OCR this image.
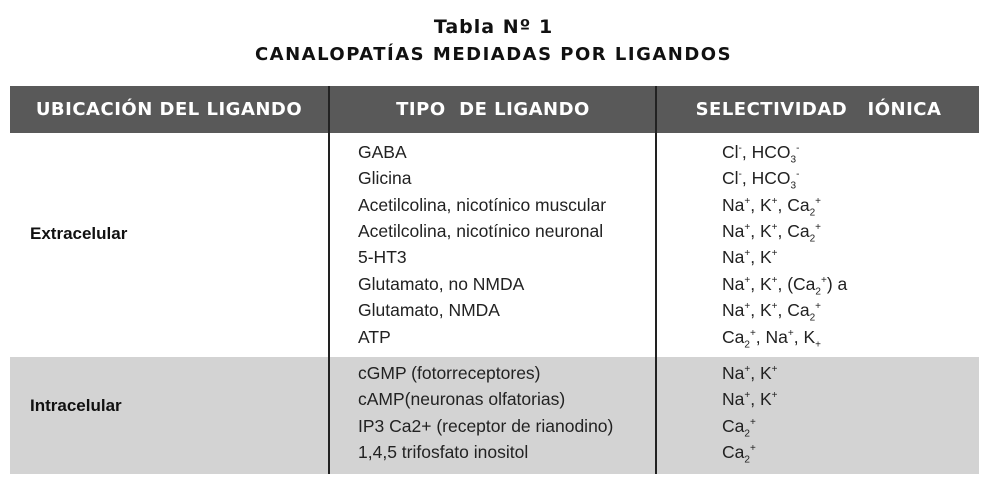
Tabla Nº 1
CANALOPATÍAS MEDIADAS POR LIGANDOS
UBICACIÓN DEL LIGANDO	TIPO  DE LIGANDO	SELECTIVIDAD   IÓNICA
Extracelular
Intracelular
GABA
Glicina
Acetilcolina, nicotínico muscular
Acetilcolina, nicotínico neuronal
5-HT3
Glutamato, no NMDA
Glutamato, NMDA
ATP
cGMP (fotorreceptores)
cAMP(neuronas olfatorias)
IP3 Ca2+ (receptor de rianodino)
1,4,5 trifosfato inositol
Cl-, $HCO_3^-$
Cl-, $HCO_3^-$
Na+, K+, $Ca_2^+$
Na+, K+, $Ca_2^+$
Na+, K+
Na+, K+, $(Ca_2^+)$ a
Na+, K+, $Ca_2^+$
$Ca_2^+$, Na+, $K_+$
Na+, K+
Na+, K+
$Ca_2^+$
$Ca_2^+$
